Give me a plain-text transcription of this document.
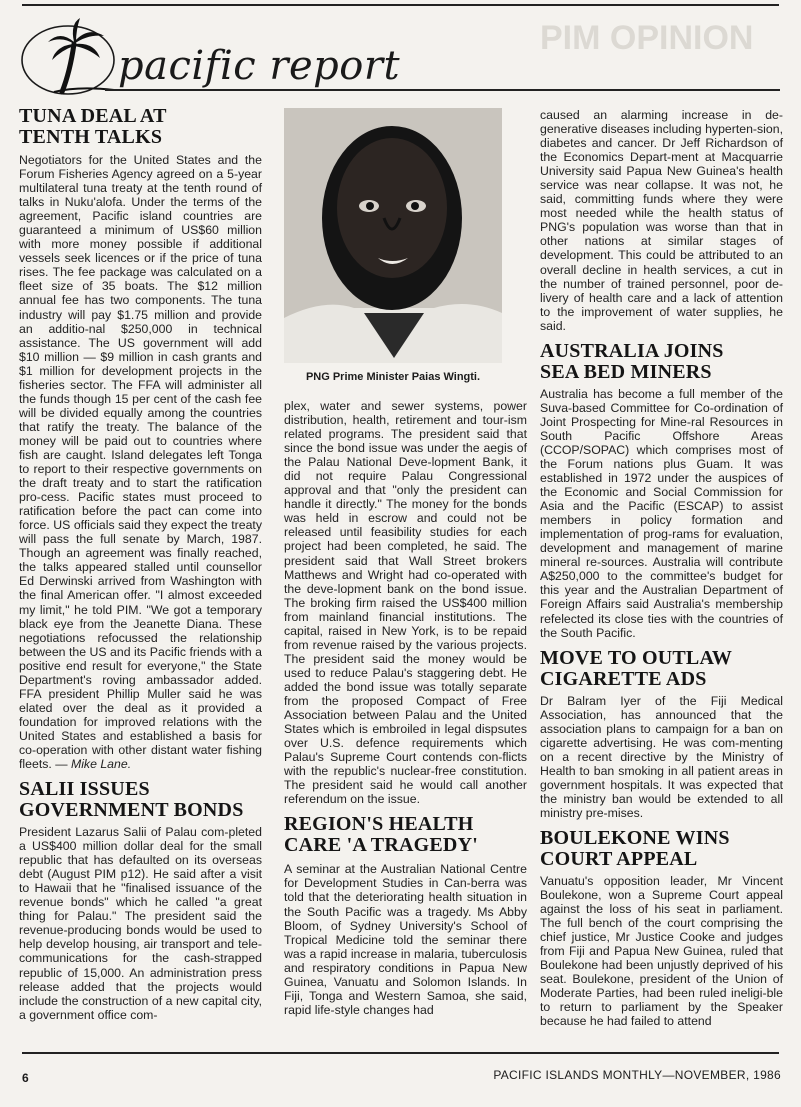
PIM OPINION
pacific report
TUNA DEAL AT TENTH TALKS
Negotiators for the United States and the Forum Fisheries Agency agreed on a 5-year multilateral tuna treaty at the tenth round of talks in Nuku'alofa. Under the terms of the agreement, Pacific island countries are guaranteed a minimum of US$60 million with more money possible if additional vessels seek licences or if the price of tuna rises. The fee package was calculated on a fleet size of 35 boats. The $12 million annual fee has two components. The tuna industry will pay $1.75 million and provide an additio-nal $250,000 in technical assistance. The US government will add $10 million — $9 million in cash grants and $1 million for development projects in the fisheries sector. The FFA will administer all the funds though 15 per cent of the cash fee will be divided equally among the countries that ratify the treaty. The balance of the money will be paid out to countries where fish are caught. Island delegates left Tonga to report to their respective governments on the draft treaty and to start the ratification pro-cess. Pacific states must proceed to ratification before the pact can come into force. US officials said they expect the treaty will pass the full senate by March, 1987. Though an agreement was finally reached, the talks appeared stalled until counsellor Ed Derwinski arrived from Washington with the final American offer. "I almost exceeded my limit," he told PIM. "We got a temporary black eye from the Jeanette Diana. These negotiations refocussed the relationship between the US and its Pacific friends with a positive end result for everyone," the State Department's roving ambassador added. FFA president Phillip Muller said he was elated over the deal as it provided a foundation for improved relations with the United States and established a basis for co-operation with other distant water fishing fleets. — Mike Lane.
SALII ISSUES GOVERNMENT BONDS
President Lazarus Salii of Palau com-pleted a US$400 million dollar deal for the small republic that has defaulted on its overseas debt (August PIM p12). He said after a visit to Hawaii that he "finalised issuance of the revenue bonds" which he called "a great thing for Palau." The president said the revenue-producing bonds would be used to help develop housing, air transport and tele-communications for the cash-strapped republic of 15,000. An administration press release added that the projects would include the construction of a new capital city, a government office com-
PNG Prime Minister Paias Wingti.
plex, water and sewer systems, power distribution, health, retirement and tour-ism related programs. The president said that since the bond issue was under the aegis of the Palau National Deve-lopment Bank, it did not require Palau Congressional approval and that "only the president can handle it directly." The money for the bonds was held in escrow and could not be released until feasibility studies for each project had been completed, he said. The president said that Wall Street brokers Matthews and Wright had co-operated with the deve-lopment bank on the bond issue. The broking firm raised the US$400 million from mainland financial institutions. The capital, raised in New York, is to be repaid from revenue raised by the various projects. The president said the money would be used to reduce Palau's staggering debt. He added the bond issue was totally separate from the proposed Compact of Free Association between Palau and the United States which is embroiled in legal dispsutes over U.S. defence requirements which Palau's Supreme Court contends con-flicts with the republic's nuclear-free constitution. The president said he would call another referendum on the issue.
REGION'S HEALTH CARE 'A TRAGEDY'
A seminar at the Australian National Centre for Development Studies in Can-berra was told that the deteriorating health situation in the South Pacific was a tragedy. Ms Abby Bloom, of Sydney University's School of Tropical Medicine told the seminar there was a rapid increase in malaria, tuberculosis and respiratory conditions in Papua New Guinea, Vanuatu and Solomon Islands. In Fiji, Tonga and Western Samoa, she said, rapid life-style changes had
caused an alarming increase in de-generative diseases including hyperten-sion, diabetes and cancer. Dr Jeff Richardson of the Economics Depart-ment at Macquarrie University said Papua New Guinea's health service was near collapse. It was not, he said, committing funds where they were most needed while the health status of PNG's population was worse than that in other nations at similar stages of development. This could be attributed to an overall decline in health services, a cut in the number of trained personnel, poor de-livery of health care and a lack of attention to the improvement of water supplies, he said.
AUSTRALIA JOINS SEA BED MINERS
Australia has become a full member of the Suva-based Committee for Co-ordination of Joint Prospecting for Mine-ral Resources in South Pacific Offshore Areas (CCOP/SOPAC) which comprises most of the Forum nations plus Guam. It was established in 1972 under the auspices of the Economic and Social Commission for Asia and the Pacific (ESCAP) to assist members in policy formation and implementation of prog-rams for evaluation, development and management of marine mineral re-sources. Australia will contribute A$250,000 to the committee's budget for this year and the Australian Department of Foreign Affairs said Australia's membership refelected its close ties with the countries of the South Pacific.
MOVE TO OUTLAW CIGARETTE ADS
Dr Balram Iyer of the Fiji Medical Association, has announced that the association plans to campaign for a ban on cigarette advertising. He was com-menting on a recent directive by the Ministry of Health to ban smoking in all patient areas in government hospitals. It was expected that the ministry ban would be extended to all ministry pre-mises.
BOULEKONE WINS COURT APPEAL
Vanuatu's opposition leader, Mr Vincent Boulekone, won a Supreme Court appeal against the loss of his seat in parliament. The full bench of the court comprising the chief justice, Mr Justice Cooke and judges from Fiji and Papua New Guinea, ruled that Boulekone had been unjustly deprived of his seat. Boulekone, president of the Union of Moderate Parties, had been ruled ineligi-ble to return to parliament by the Speaker because he had failed to attend
6	PACIFIC ISLANDS MONTHLY—NOVEMBER, 1986
